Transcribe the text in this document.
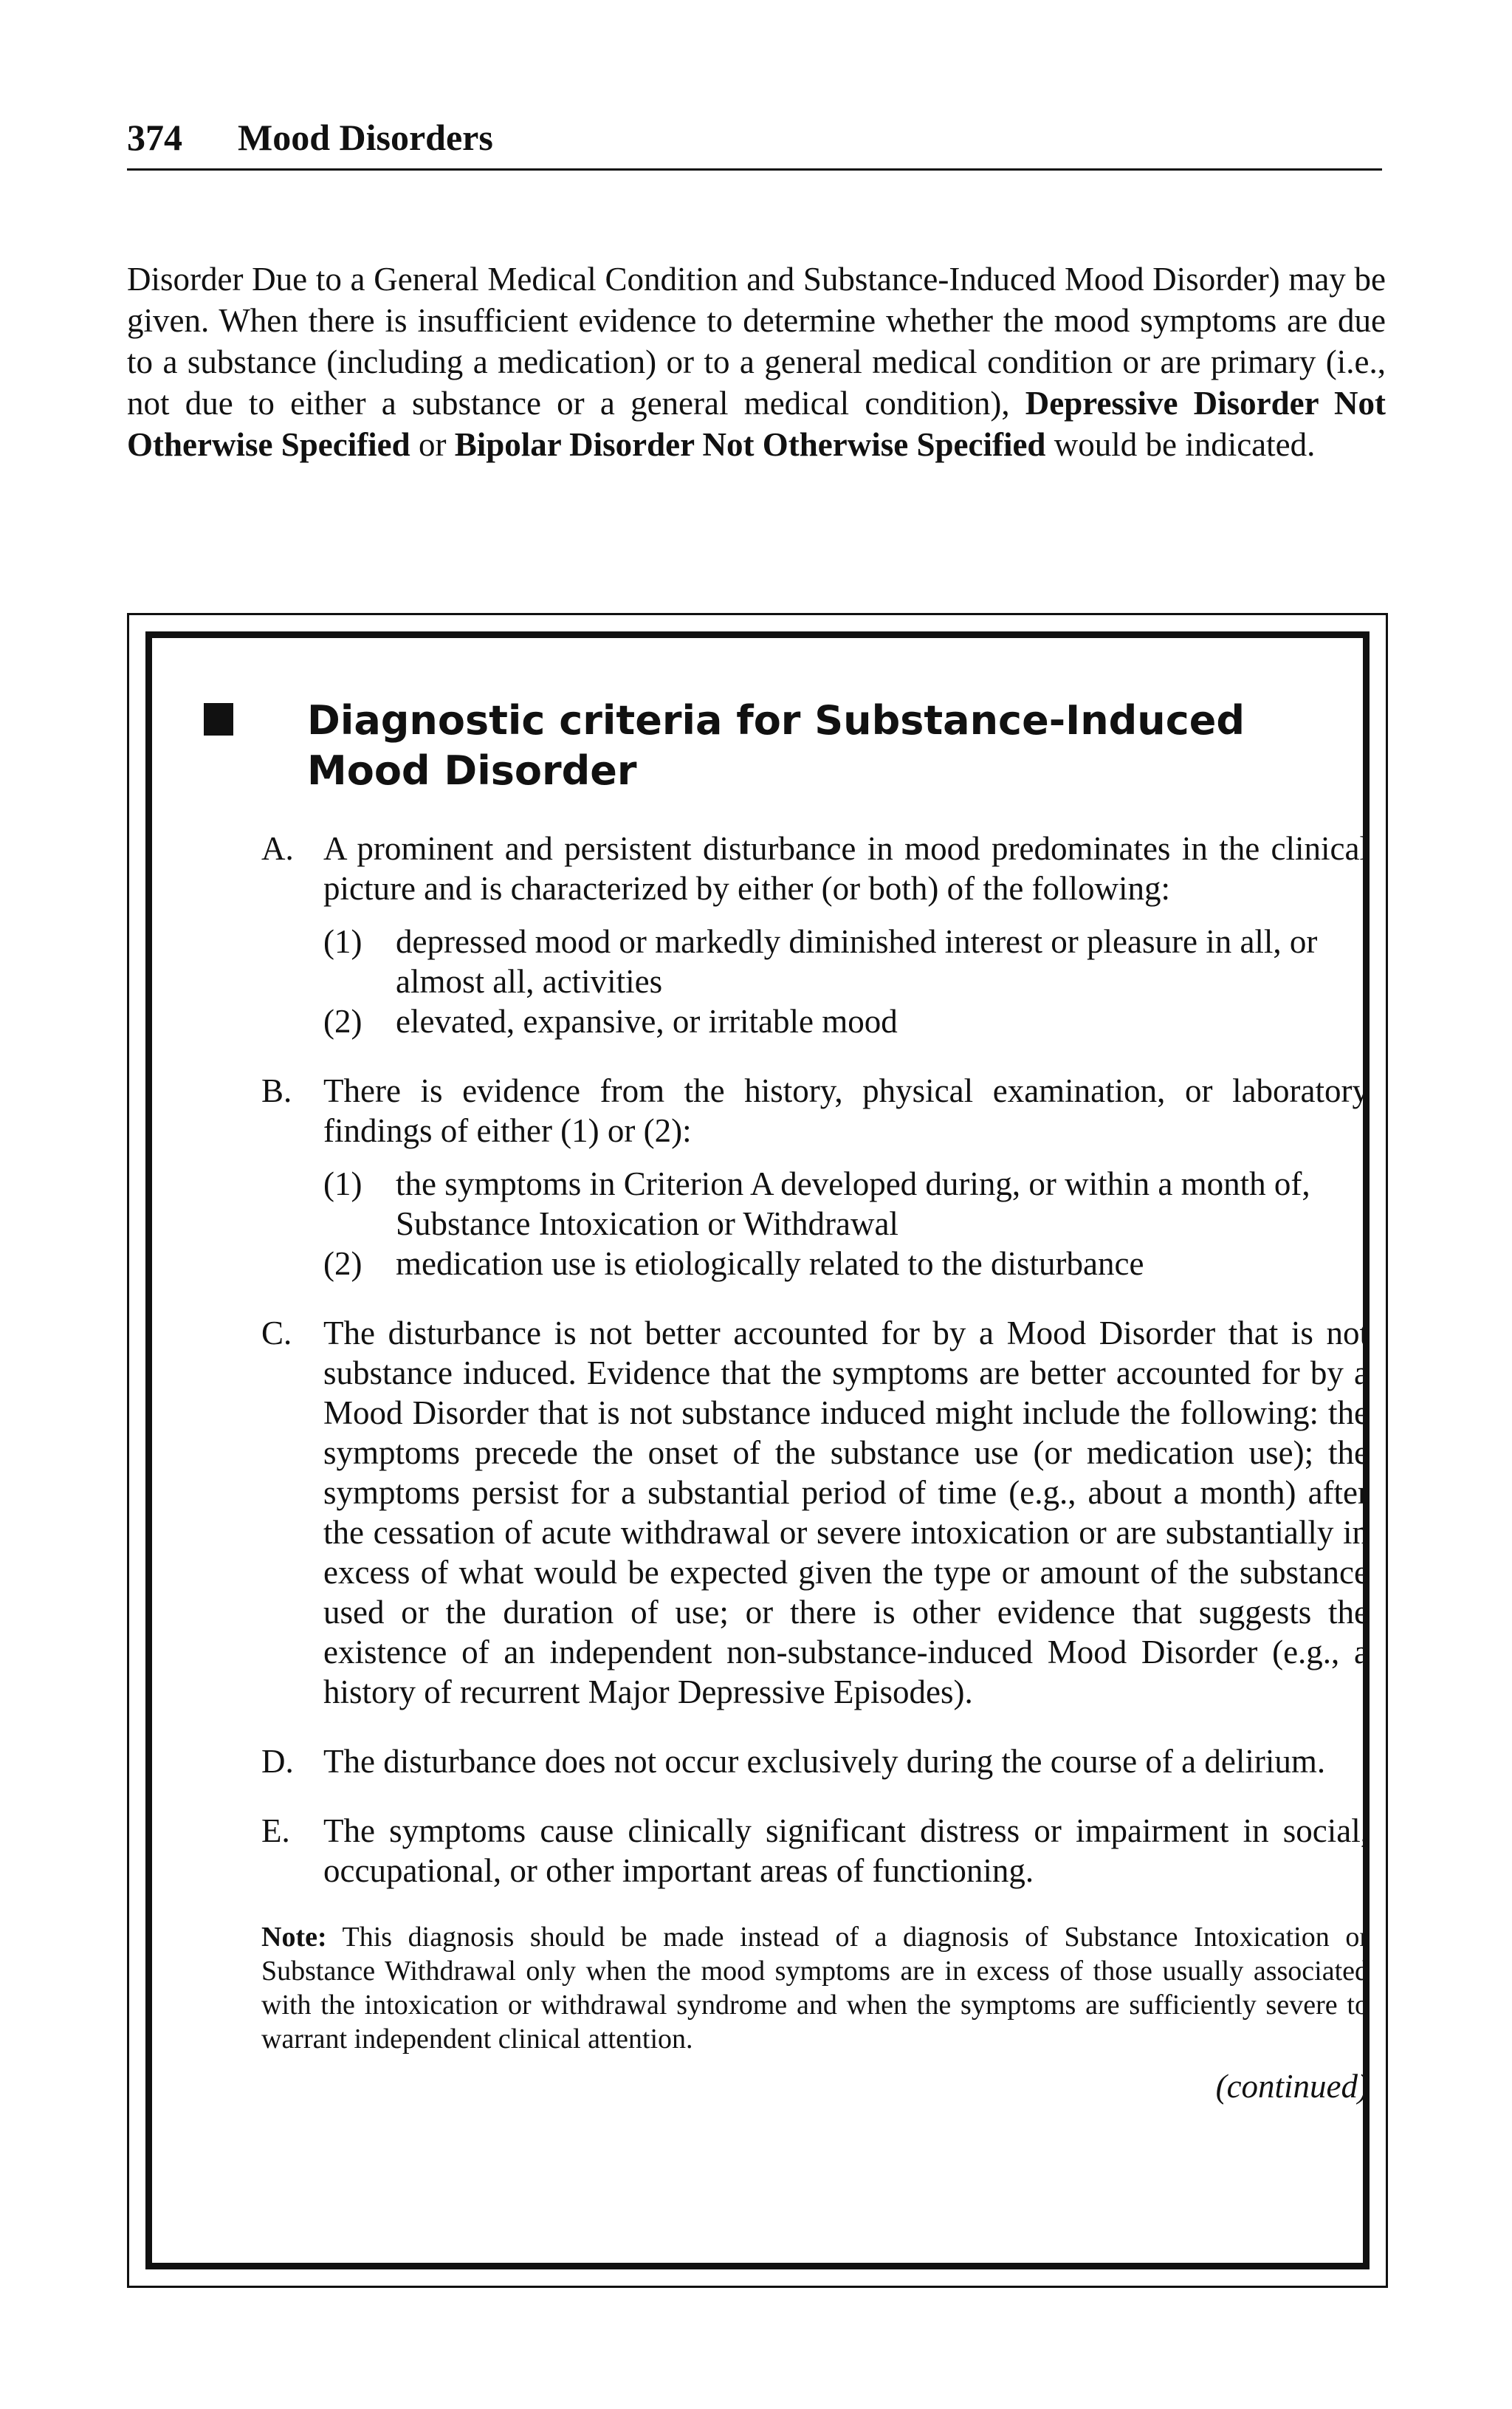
374 Mood Disorders

Disorder Due to a General Medical Condition and Substance-Induced Mood Disorder) may be given. When there is insufficient evidence to determine whether the mood symptoms are due to a substance (including a medication) or to a general medical condition or are primary (i.e., not due to either a substance or a general medical condition), Depressive Disorder Not Otherwise Specified or Bipolar Disorder Not Otherwise Specified would be indicated.

Diagnostic criteria for Substance-Induced
Mood Disorder
A. A prominent and persistent disturbance in mood predominates in the clinical picture and is characterized by either (or both) of the following:
(1) depressed mood or markedly diminished interest or pleasure in all, or almost all, activities
(2) elevated, expansive, or irritable mood
B. There is evidence from the history, physical examination, or laboratory findings of either (1) or (2):
(1) the symptoms in Criterion A developed during, or within a month of, Substance Intoxication or Withdrawal
(2) medication use is etiologically related to the disturbance
C. The disturbance is not better accounted for by a Mood Disorder that is not substance induced. Evidence that the symptoms are better accounted for by a Mood Disorder that is not substance induced might include the following: the symptoms precede the onset of the substance use (or medication use); the symptoms persist for a substantial period of time (e.g., about a month) after the cessation of acute withdrawal or severe intoxication or are substantially in excess of what would be expected given the type or amount of the substance used or the duration of use; or there is other evidence that suggests the existence of an independent non-substance-induced Mood Disorder (e.g., a history of recurrent Major Depressive Episodes).
D. The disturbance does not occur exclusively during the course of a delirium.
E. The symptoms cause clinically significant distress or impairment in social, occupational, or other important areas of functioning.
Note: This diagnosis should be made instead of a diagnosis of Substance Intoxication or Substance Withdrawal only when the mood symptoms are in excess of those usually associated with the intoxication or withdrawal syndrome and when the symptoms are sufficiently severe to warrant independent clinical attention.
(continued)
